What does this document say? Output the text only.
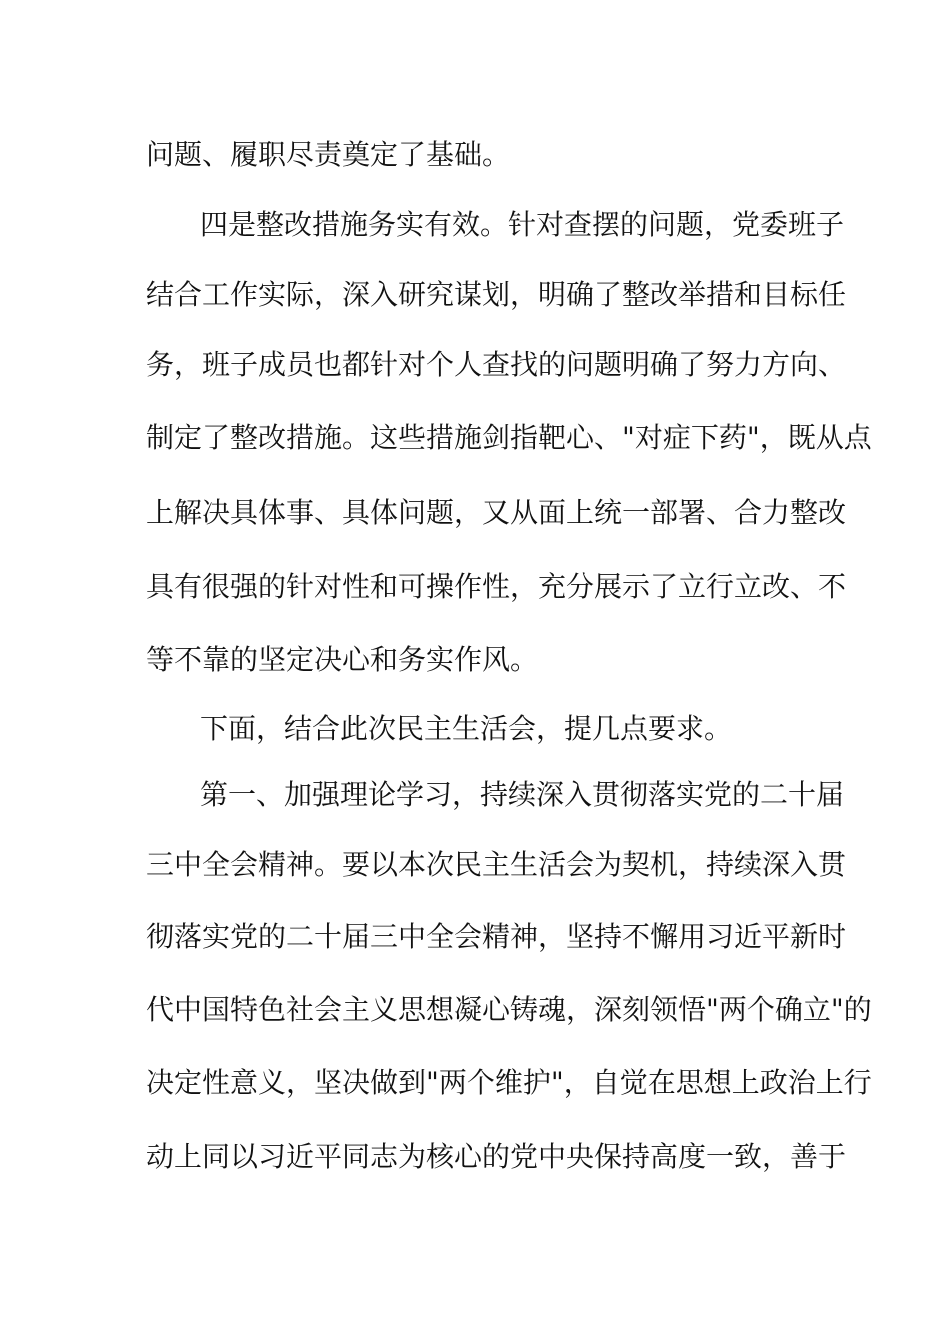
问题、履职尽责奠定了基础。
四是整改措施务实有效。针对查摆的问题，党委班子
结合工作实际，深入研究谋划，明确了整改举措和目标任
务，班子成员也都针对个人查找的问题明确了努力方向、
制定了整改措施。这些措施剑指靶心、"对症下药"，既从点
上解决具体事、具体问题，又从面上统一部署、合力整改
具有很强的针对性和可操作性，充分展示了立行立改、不
等不靠的坚定决心和务实作风。
下面，结合此次民主生活会，提几点要求。
第一、加强理论学习，持续深入贯彻落实党的二十届
三中全会精神。要以本次民主生活会为契机，持续深入贯
彻落实党的二十届三中全会精神，坚持不懈用习近平新时
代中国特色社会主义思想凝心铸魂，深刻领悟"两个确立"的
决定性意义，坚决做到"两个维护"，自觉在思想上政治上行
动上同以习近平同志为核心的党中央保持高度一致，善于
